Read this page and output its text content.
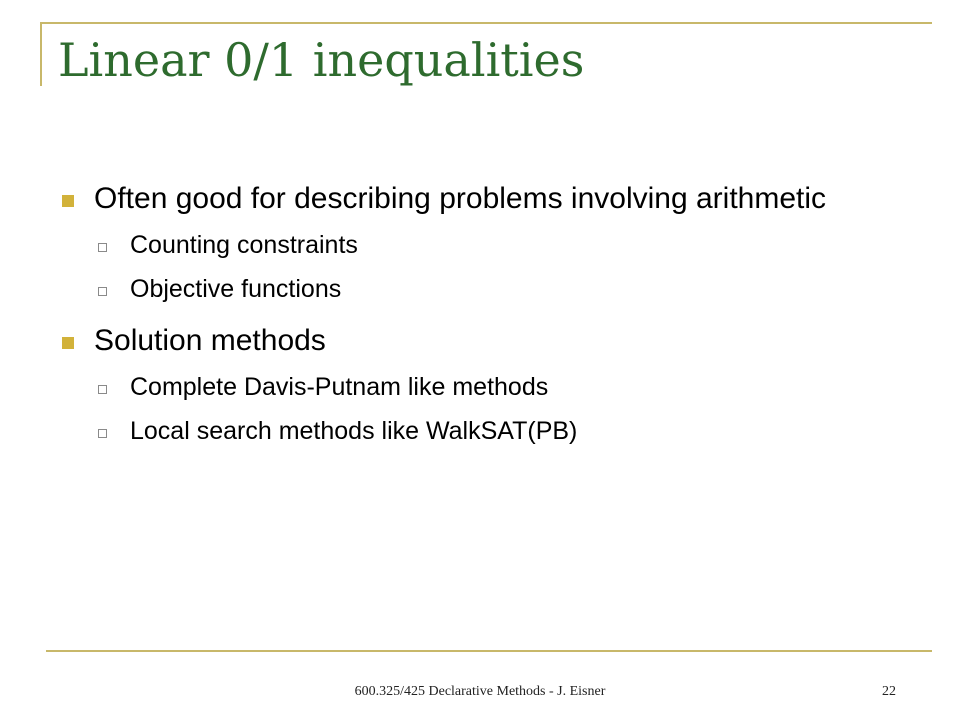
Linear 0/1 inequalities
Often good for describing problems involving arithmetic
Counting constraints
Objective functions
Solution methods
Complete Davis-Putnam like methods
Local search methods like WalkSAT(PB)
600.325/425 Declarative Methods - J. Eisner	22
